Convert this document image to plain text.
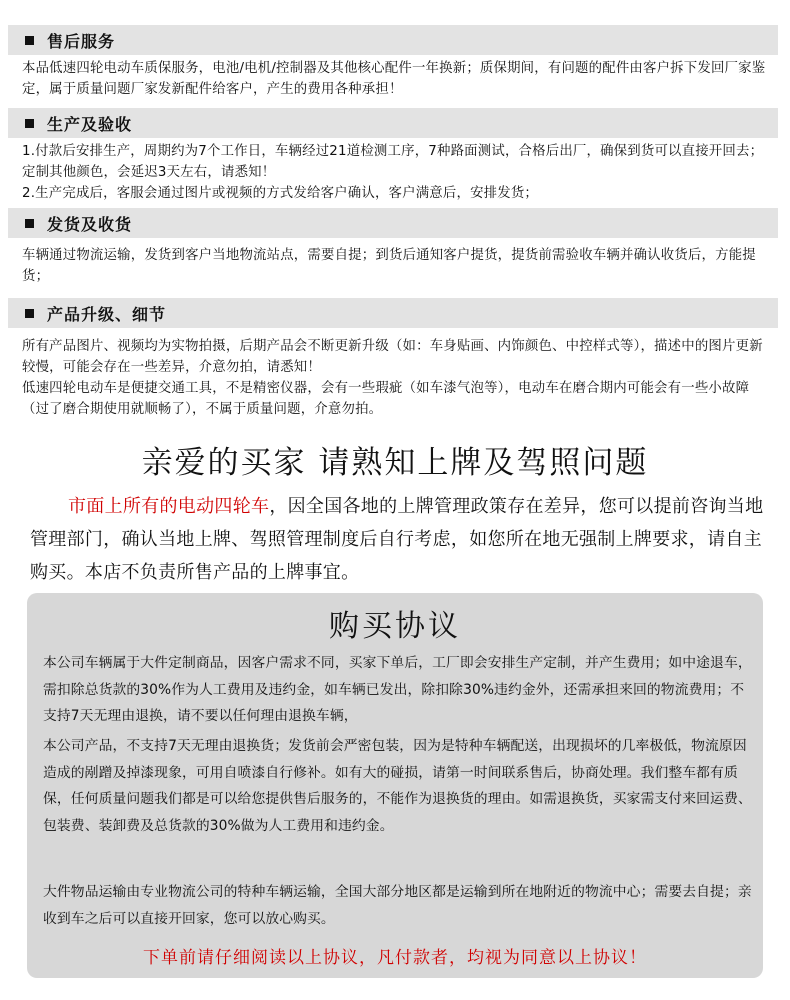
售后服务

本品低速四轮电动车质保服务，电池/电机/控制器及其他核心配件一年换新；质保期间，有问题的配件由客户拆下发回厂家鉴定，属于质量问题厂家发新配件给客户，产生的费用各种承担！

生产及验收

1.付款后安排生产，周期约为7个工作日，车辆经过21道检测工序，7种路面测试，合格后出厂，确保到货可以直接开回去；定制其他颜色，会延迟3天左右，请悉知！

2.生产完成后，客服会通过图片或视频的方式发给客户确认，客户满意后，安排发货；

发货及收货

车辆通过物流运输，发货到客户当地物流站点，需要自提；到货后通知客户提货，提货前需验收车辆并确认收货后，方能提货；

产品升级、细节

所有产品图片、视频均为实物拍摄，后期产品会不断更新升级（如：车身贴画、内饰颜色、中控样式等），描述中的图片更新较慢，可能会存在一些差异，介意勿拍，请悉知！

低速四轮电动车是便捷交通工具，不是精密仪器，会有一些瑕疵（如车漆气泡等），电动车在磨合期内可能会有一些小故障（过了磨合期使用就顺畅了），不属于质量问题，介意勿拍。

亲爱的买家 请熟知上牌及驾照问题

市面上所有的电动四轮车，因全国各地的上牌管理政策存在差异，您可以提前咨询当地管理部门，确认当地上牌、驾照管理制度后自行考虑，如您所在地无强制上牌要求，请自主购买。本店不负责所售产品的上牌事宜。

购买协议

本公司车辆属于大件定制商品，因客户需求不同，买家下单后，工厂即会安排生产定制，并产生费用；如中途退车，需扣除总货款的30%作为人工费用及违约金，如车辆已发出，除扣除30%违约金外，还需承担来回的物流费用；不支持7天无理由退换，请不要以任何理由退换车辆，

本公司产品，不支持7天无理由退换货；发货前会严密包装，因为是特种车辆配送，出现损坏的几率极低，物流原因造成的剐蹭及掉漆现象，可用自喷漆自行修补。如有大的碰损，请第一时间联系售后，协商处理。我们整车都有质保，任何质量问题我们都是可以给您提供售后服务的，不能作为退换货的理由。如需退换货，买家需支付来回运费、包装费、装卸费及总货款的30%做为人工费用和违约金。

大件物品运输由专业物流公司的特种车辆运输，全国大部分地区都是运输到所在地附近的物流中心；需要去自提；亲收到车之后可以直接开回家，您可以放心购买。

下单前请仔细阅读以上协议，凡付款者，均视为同意以上协议！
